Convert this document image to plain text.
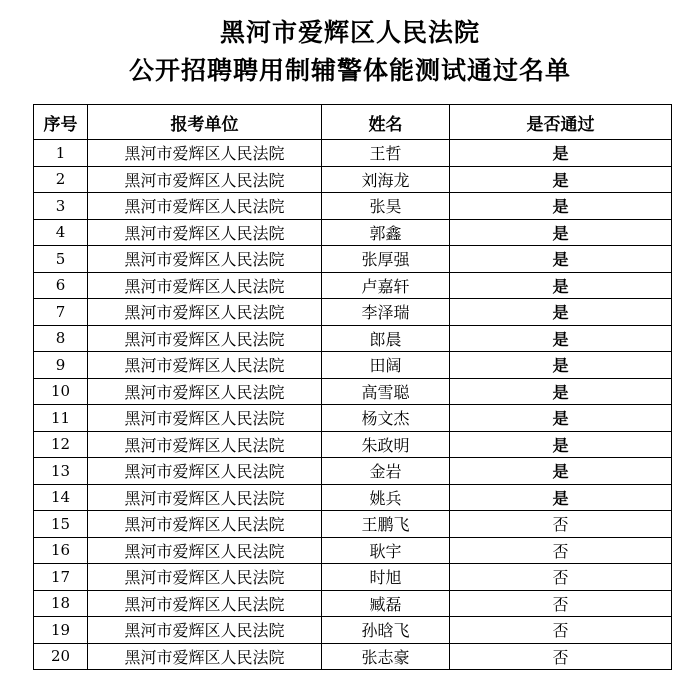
黑河市爱辉区人民法院
公开招聘聘用制辅警体能测试通过名单
序号	报考单位	姓名	是否通过
1	黑河市爱辉区人民法院	王哲	是
2	黑河市爱辉区人民法院	刘海龙	是
3	黑河市爱辉区人民法院	张昊	是
4	黑河市爱辉区人民法院	郭鑫	是
5	黑河市爱辉区人民法院	张厚强	是
6	黑河市爱辉区人民法院	卢嘉轩	是
7	黑河市爱辉区人民法院	李泽瑞	是
8	黑河市爱辉区人民法院	郎晨	是
9	黑河市爱辉区人民法院	田阔	是
10	黑河市爱辉区人民法院	高雪聪	是
11	黑河市爱辉区人民法院	杨文杰	是
12	黑河市爱辉区人民法院	朱政明	是
13	黑河市爱辉区人民法院	金岩	是
14	黑河市爱辉区人民法院	姚兵	是
15	黑河市爱辉区人民法院	王鹏飞	否
16	黑河市爱辉区人民法院	耿宇	否
17	黑河市爱辉区人民法院	时旭	否
18	黑河市爱辉区人民法院	臧磊	否
19	黑河市爱辉区人民法院	孙晗飞	否
20	黑河市爱辉区人民法院	张志豪	否
